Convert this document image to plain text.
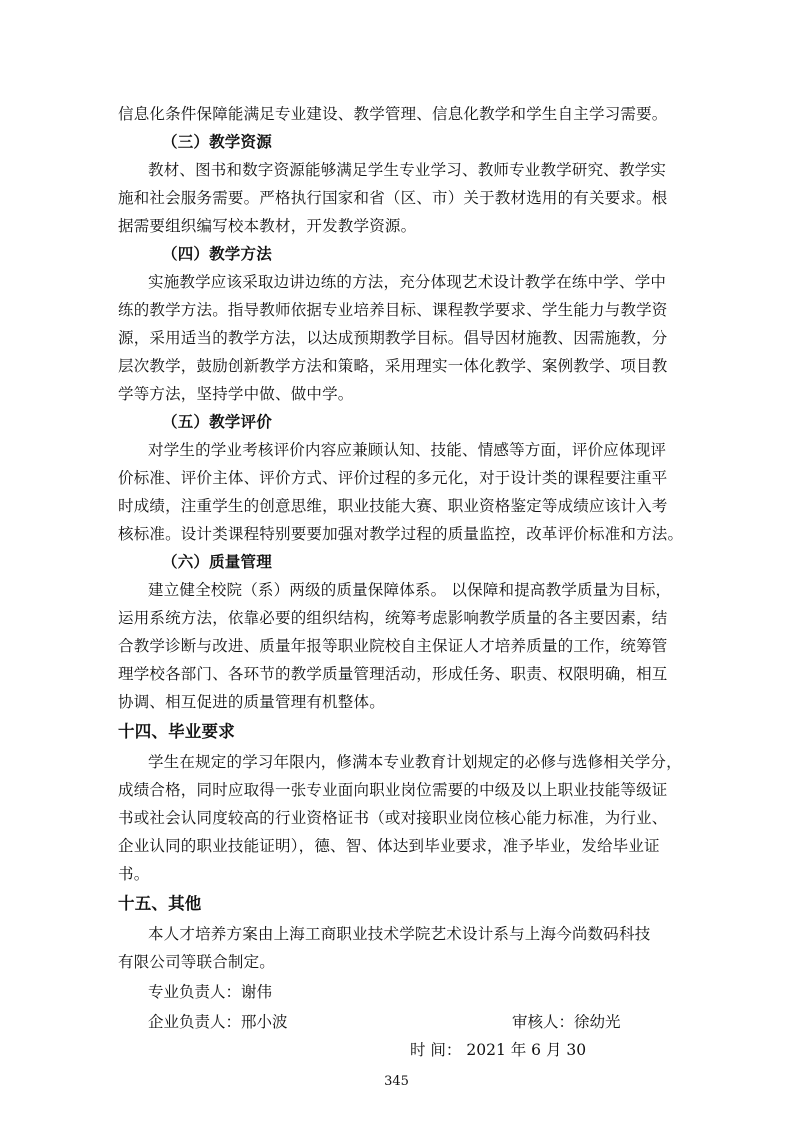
信息化条件保障能满足专业建设、教学管理、信息化教学和学生自主学习需要。
（三）教学资源
教材、图书和数字资源能够满足学生专业学习、教师专业教学研究、教学实
施和社会服务需要。严格执行国家和省（区、市）关于教材选用的有关要求。根
据需要组织编写校本教材，开发教学资源。
（四）教学方法
实施教学应该采取边讲边练的方法，充分体现艺术设计教学在练中学、学中
练的教学方法。指导教师依据专业培养目标、课程教学要求、学生能力与教学资
源，采用适当的教学方法，以达成预期教学目标。倡导因材施教、因需施教，分
层次教学，鼓励创新教学方法和策略，采用理实一体化教学、案例教学、项目教
学等方法，坚持学中做、做中学。
（五）教学评价
对学生的学业考核评价内容应兼顾认知、技能、情感等方面，评价应体现评
价标准、评价主体、评价方式、评价过程的多元化，对于设计类的课程要注重平
时成绩，注重学生的创意思维，职业技能大赛、职业资格鉴定等成绩应该计入考
核标准。设计类课程特别要要加强对教学过程的质量监控，改革评价标准和方法。
（六）质量管理
建立健全校院（系）两级的质量保障体系。 以保障和提高教学质量为目标，
运用系统方法，依靠必要的组织结构，统筹考虑影响教学质量的各主要因素，结
合教学诊断与改进、质量年报等职业院校自主保证人才培养质量的工作，统筹管
理学校各部门、各环节的教学质量管理活动，形成任务、职责、权限明确，相互
协调、相互促进的质量管理有机整体。
十四、毕业要求
学生在规定的学习年限内，修满本专业教育计划规定的必修与选修相关学分，
成绩合格，同时应取得一张专业面向职业岗位需要的中级及以上职业技能等级证
书或社会认同度较高的行业资格证书（或对接职业岗位核心能力标准，为行业、
企业认同的职业技能证明），德、智、体达到毕业要求，准予毕业，发给毕业证
书。
十五、其他
本人才培养方案由上海工商职业技术学院艺术设计系与上海今尚数码科技
有限公司等联合制定。
专业负责人：谢伟
企业负责人：邢小波	审核人：徐幼光
时 间： 2021 年 6 月 30
345
